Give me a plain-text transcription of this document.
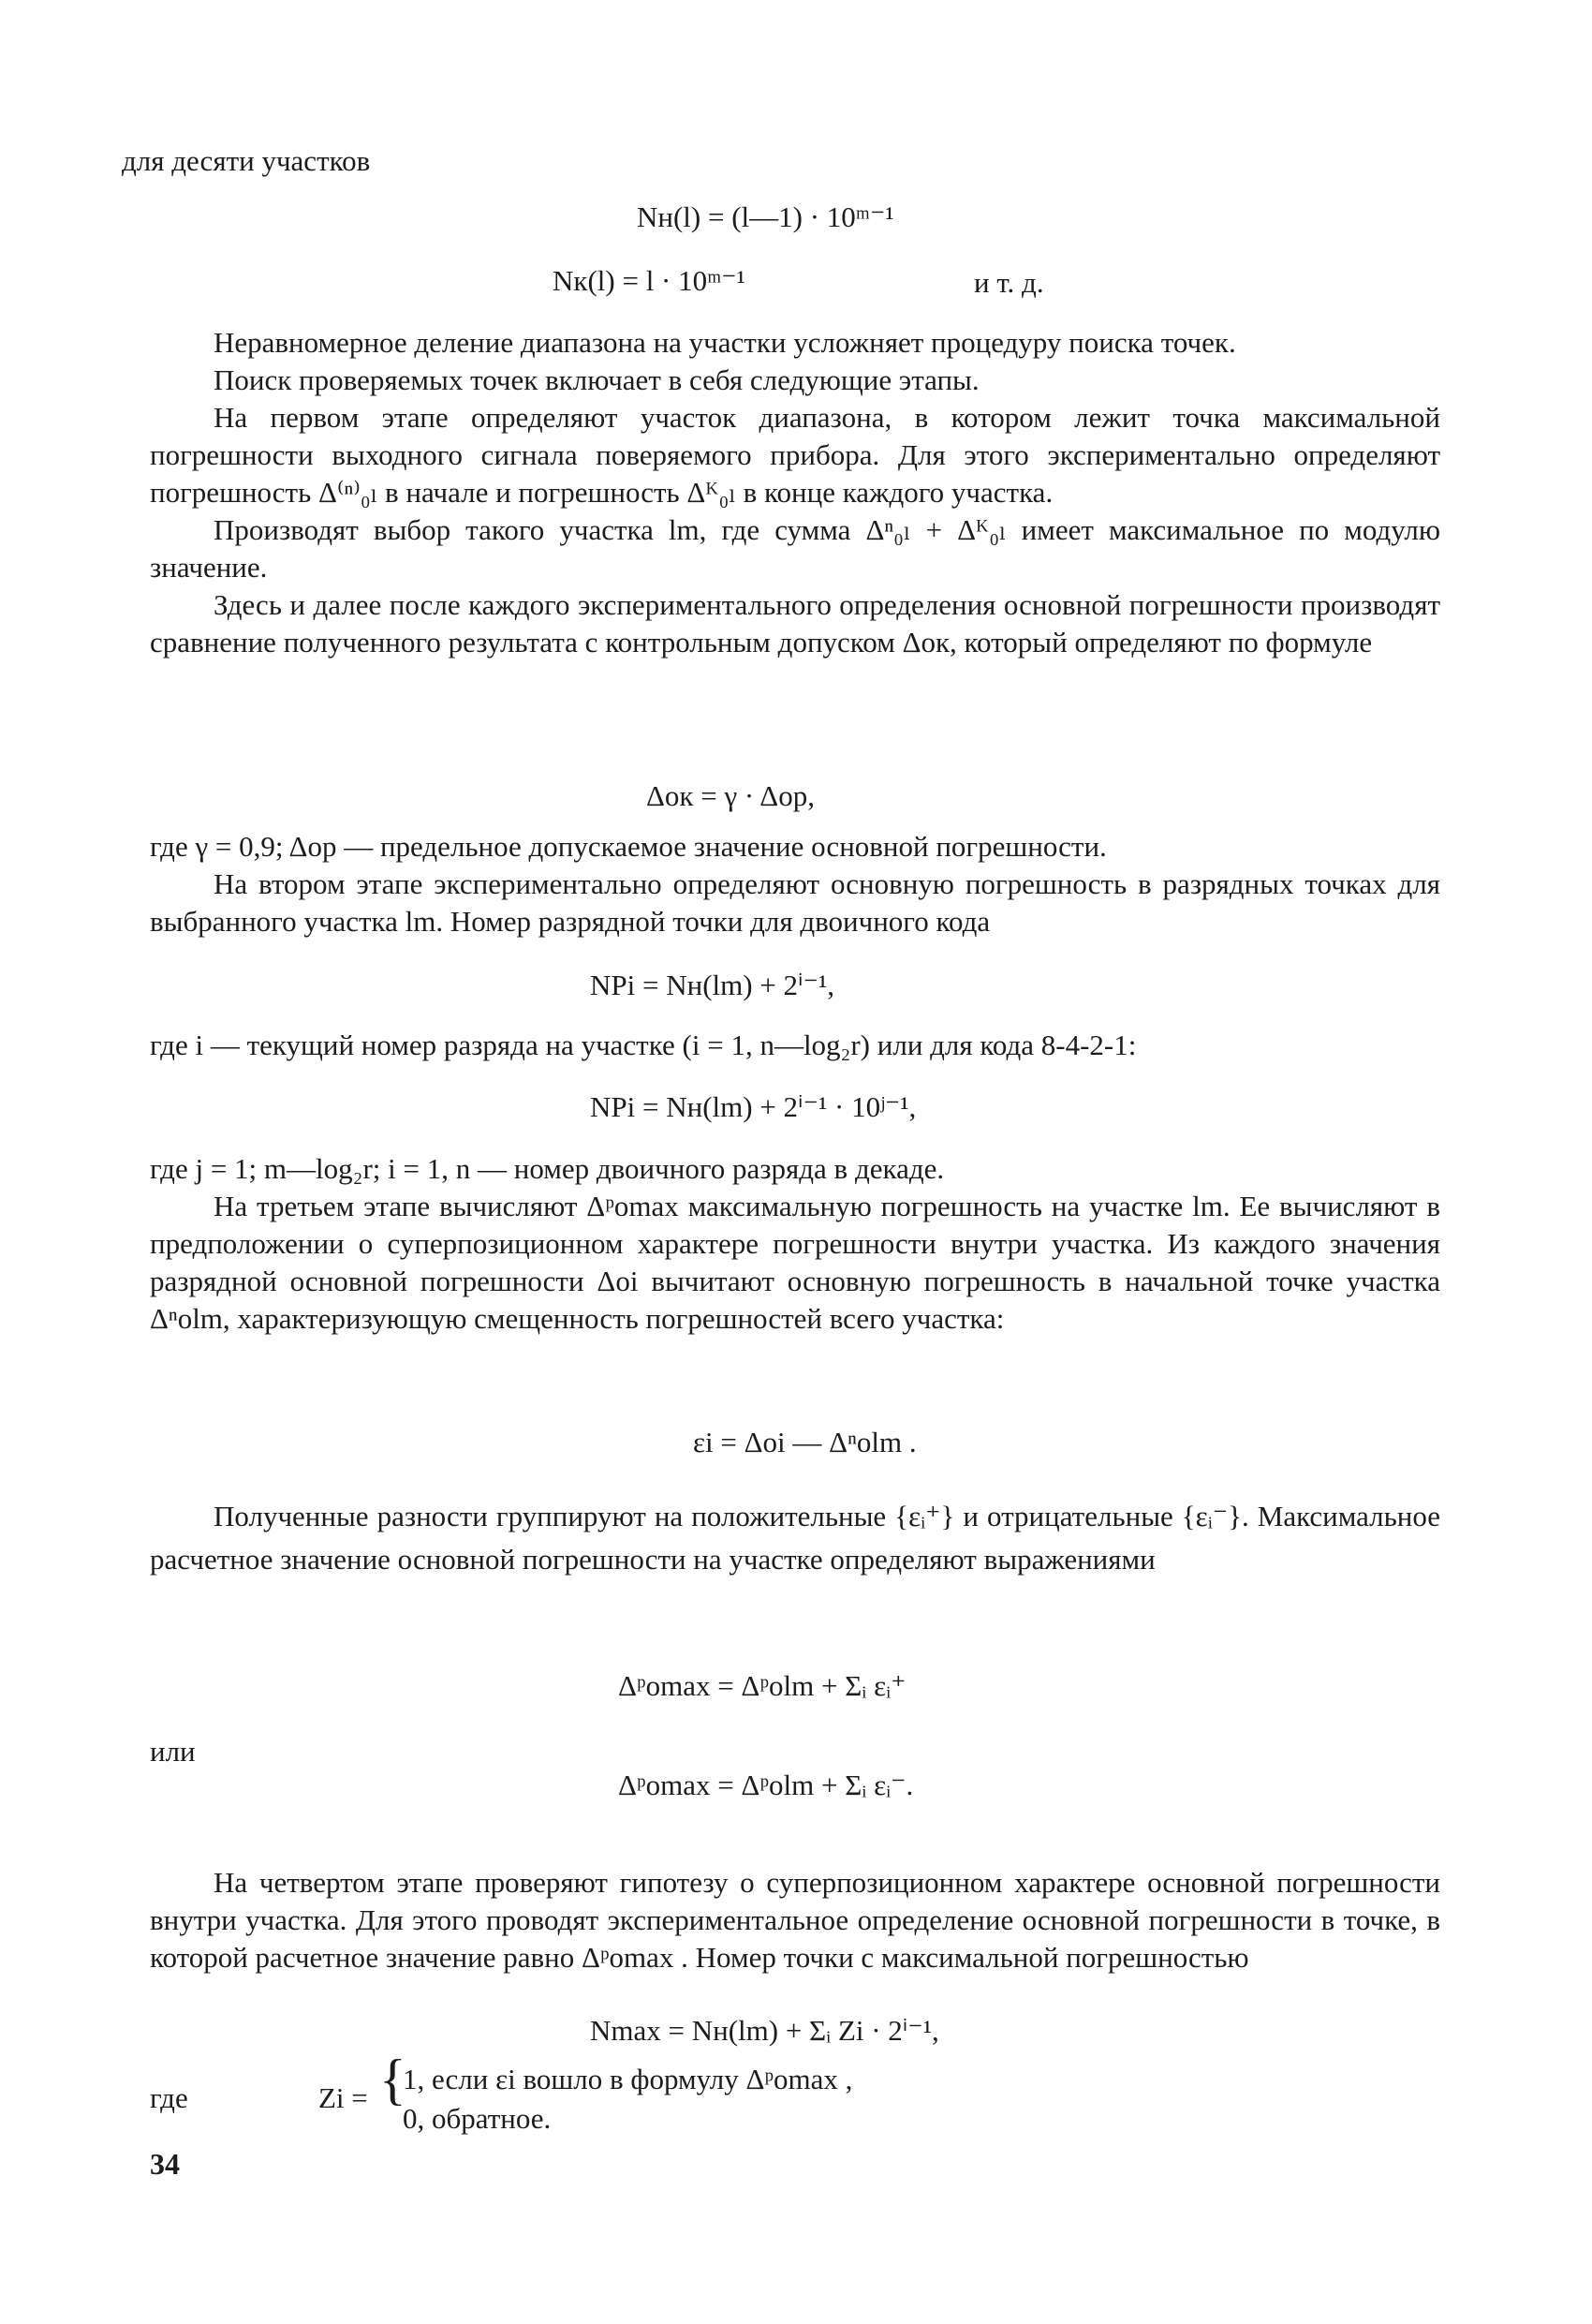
для десяти участков
Nн(l) = (l—1) · 10ᵐ⁻¹
Nк(l) = l · 10ᵐ⁻¹	и т. д.

Неравномерное деление диапазона на участки усложняет процедуру поиска точек.

Поиск проверяемых точек включает в себя следующие этапы.

На первом этапе определяют участок диапазона, в котором лежит точка максимальной погрешности выходного сигнала поверяемого прибора. Для этого экспериментально определяют погрешность Δ⁽ⁿ⁾₀ₗ в начале и погрешность Δᴷ₀ₗ в конце каждого участка.

Производят выбор такого участка lm, где сумма Δⁿ₀ₗ + Δᴷ₀ₗ имеет максимальное по модулю значение.

Здесь и далее после каждого экспериментального определения основной погрешности производят сравнение полученного результата с контрольным допуском Δок, который определяют по формуле

Δок = γ · Δор,

где γ = 0,9; Δор — предельное допускаемое значение основной погрешности.

На втором этапе экспериментально определяют основную погрешность в разрядных точках для выбранного участка lm. Номер разрядной точки для двоичного кода

NPi = Nн(lm) + 2ⁱ⁻¹,

где i — текущий номер разряда на участке (i = 1, n—log₂r) или для кода 8-4-2-1:

NPi = Nн(lm) + 2ⁱ⁻¹ · 10ʲ⁻¹,

где j = 1; m—log₂r; i = 1, n — номер двоичного разряда в декаде.

На третьем этапе вычисляют Δᵖomax максимальную погрешность на участке lm. Ее вычисляют в предположении о суперпозиционном характере погрешности внутри участка. Из каждого значения разрядной основной погрешности Δoi вычитают основную погрешность в начальной точке участка Δⁿolm, характеризующую смещенность погрешностей всего участка:

εi = Δoi — Δⁿolm .

Полученные разности группируют на положительные {εᵢ⁺} и отрицательные {εᵢ⁻}. Максимальное расчетное значение основной погрешности на участке определяют выражениями

Δᵖomax = Δᵖolm + Σᵢ εᵢ⁺
или
Δᵖomax = Δᵖolm + Σᵢ εᵢ⁻.

На четвертом этапе проверяют гипотезу о суперпозиционном характере основной погрешности внутри участка. Для этого проводят экспериментальное определение основной погрешности в точке, в которой расчетное значение равно Δᵖomax . Номер точки с максимальной погрешностью

Nmax = Nн(lm) + Σᵢ Zi · 2ⁱ⁻¹,
где	Zi = {
1, если εi вошло в формулу Δᵖomax ,
0, обратное.
34
